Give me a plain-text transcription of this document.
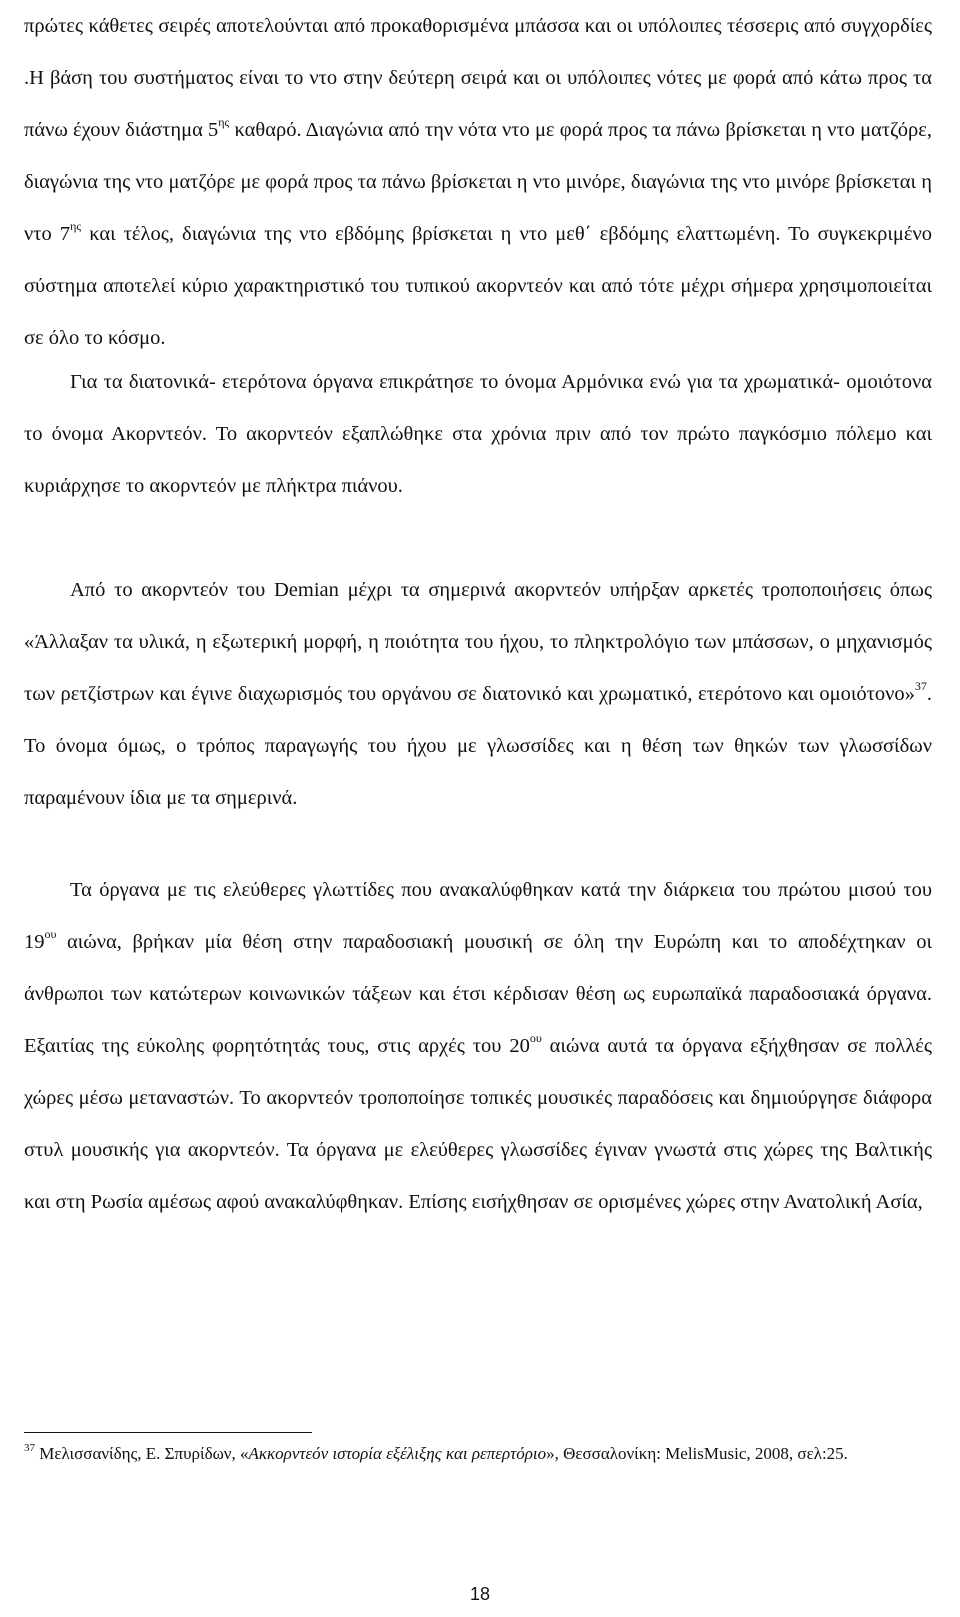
πρώτες κάθετες σειρές αποτελούνται από προκαθορισμένα μπάσσα και οι υπόλοιπες τέσσερις από συγχορδίες .Η βάση του συστήματος είναι το ντο στην δεύτερη σειρά και οι υπόλοιπες νότες με φορά από κάτω προς τα πάνω έχουν διάστημα $5^{\eta\varsigma}$ καθαρό. Διαγώνια από την νότα ντο με φορά προς τα πάνω βρίσκεται η ντο ματζόρε, διαγώνια της ντο ματζόρε με φορά προς τα πάνω βρίσκεται η ντο μινόρε, διαγώνια της ντο μινόρε βρίσκεται η ντο $7^{\eta\varsigma}$ και τέλος, διαγώνια της ντο εβδόμης βρίσκεται η ντο μεθ΄ εβδόμης ελαττωμένη. Το συγκεκριμένο σύστημα αποτελεί κύριο χαρακτηριστικό του τυπικού ακορντεόν και από τότε μέχρι σήμερα χρησιμοποιείται σε όλο το κόσμο.

Για τα διατονικά- ετερότονα όργανα επικράτησε το όνομα Αρμόνικα ενώ για τα χρωματικά- ομοιότονα το όνομα Ακορντεόν. Το ακορντεόν εξαπλώθηκε στα χρόνια πριν από τον πρώτο παγκόσμιο πόλεμο και κυριάρχησε το ακορντεόν με πλήκτρα πιάνου.

Από το ακορντεόν του Demian μέχρι τα σημερινά ακορντεόν υπήρξαν αρκετές τροποποιήσεις όπως «Άλλαξαν τα υλικά, η εξωτερική μορφή, η ποιότητα του ήχου, το πληκτρολόγιο των μπάσσων, ο μηχανισμός των ρετζίστρων και έγινε διαχωρισμός του οργάνου σε διατονικό και χρωματικό, ετερότονο και ομοιότονο»$^{37}$. Το όνομα όμως, ο τρόπος παραγωγής του ήχου με γλωσσίδες και η θέση των θηκών των γλωσσίδων παραμένουν ίδια με τα σημερινά.

Τα όργανα με τις ελεύθερες γλωττίδες που ανακαλύφθηκαν κατά την διάρκεια του πρώτου μισού του $19^{o\upsilon}$ αιώνα, βρήκαν μία θέση στην παραδοσιακή μουσική σε όλη την Ευρώπη και το αποδέχτηκαν οι άνθρωποι των κατώτερων κοινωνικών τάξεων και έτσι κέρδισαν θέση ως ευρωπαϊκά παραδοσιακά όργανα. Εξαιτίας της εύκολης φορητότητάς τους, στις αρχές του $20^{o\upsilon}$ αιώνα αυτά τα όργανα εξήχθησαν σε πολλές χώρες μέσω μεταναστών. Το ακορντεόν τροποποίησε τοπικές μουσικές παραδόσεις και δημιούργησε διάφορα στυλ μουσικής για ακορντεόν. Τα όργανα με ελεύθερες γλωσσίδες έγιναν γνωστά στις χώρες της Βαλτικής και στη Ρωσία αμέσως αφού ανακαλύφθηκαν. Επίσης εισήχθησαν σε ορισμένες χώρες στην Ανατολική Ασία,

$^{37}$ Μελισσανίδης, Ε. Σπυρίδων, «Ακκορντεόν ιστορία εξέλιξης και ρεπερτόριο», Θεσσαλονίκη: MelisMusic, 2008, σελ:25.

18
